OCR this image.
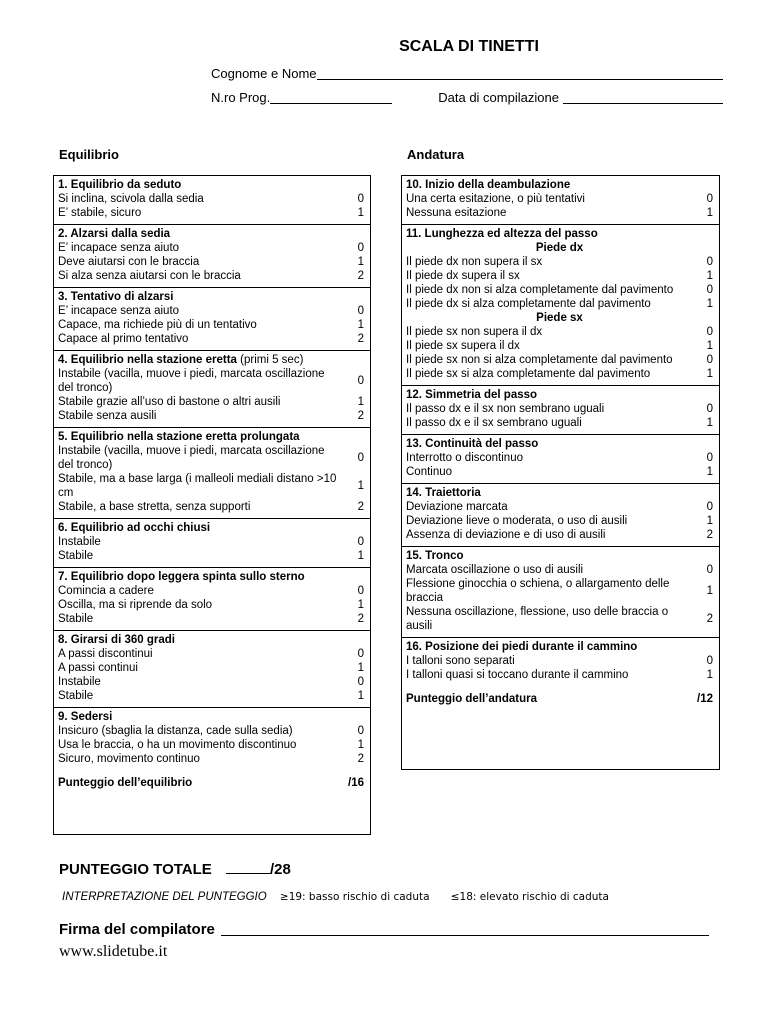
SCALA DI TINETTI
Cognome e Nome
N.ro Prog.	Data di compilazione
Equilibrio	Andatura
1. Equilibrio da seduto
Si inclina, scivola dalla sedia	0
E’ stabile, sicuro	1
2. Alzarsi dalla sedia
E’ incapace senza aiuto	0
Deve aiutarsi con le braccia	1
Si alza senza aiutarsi con le braccia	2
3. Tentativo di alzarsi
E’ incapace senza aiuto	0
Capace, ma richiede più di un tentativo	1
Capace al primo tentativo	2
4. Equilibrio nella stazione eretta (primi 5 sec)
Instabile (vacilla, muove i piedi, marcata oscillazione del tronco)
0
Stabile grazie all’uso di bastone o altri ausili	1
Stabile senza ausili	2
5. Equilibrio nella stazione eretta prolungata
Instabile (vacilla, muove i piedi, marcata oscillazione del tronco)
0
Stabile, ma a base larga (i malleoli mediali distano >10 cm
1
Stabile, a base stretta, senza supporti	2
6. Equilibrio ad occhi chiusi
Instabile	0
Stabile	1
7. Equilibrio dopo leggera spinta sullo sterno
Comincia a cadere	0
Oscilla, ma si riprende da solo	1
Stabile	2
8. Girarsi di 360 gradi
A passi discontinui	0
A passi continui	1
Instabile	0
Stabile	1
9. Sedersi
Insicuro (sbaglia la distanza, cade sulla sedia)	0
Usa le braccia, o ha un movimento discontinuo	1
Sicuro, movimento continuo	2
Punteggio dell’equilibrio	/16
10. Inizio della deambulazione
Una certa esitazione, o più tentativi	0
Nessuna esitazione	1
11. Lunghezza ed altezza del passo
Piede dx
Il piede dx non supera il sx	0
Il piede dx supera il sx	1
Il piede dx non si alza completamente dal pavimento	0
Il piede dx si alza completamente dal pavimento	1
Piede sx
Il piede sx non supera il dx	0
Il piede sx supera il dx	1
Il piede sx non si alza completamente dal pavimento	0
Il piede sx si alza completamente dal pavimento	1
12. Simmetria del passo
Il passo dx e il sx non sembrano uguali	0
Il passo dx e il sx sembrano uguali	1
13. Continuità del passo
Interrotto o discontinuo	0
Continuo	1
14. Traiettoria
Deviazione marcata	0
Deviazione lieve o moderata, o uso di ausili	1
Assenza di deviazione e di uso di ausili	2
15. Tronco
Marcata oscillazione o uso di ausili	0
Flessione ginocchia o schiena, o allargamento delle braccia
1
Nessuna oscillazione, flessione, uso delle braccia o ausili
2
16. Posizione dei piedi durante il cammino
I talloni sono separati	0
I talloni quasi si toccano durante il cammino	1
Punteggio dell’andatura	/12
PUNTEGGIO TOTALE	/28
INTERPRETAZIONE DEL PUNTEGGIO ≥19: basso rischio di caduta ≤18: elevato rischio di caduta
Firma del compilatore
www.slidetube.it
